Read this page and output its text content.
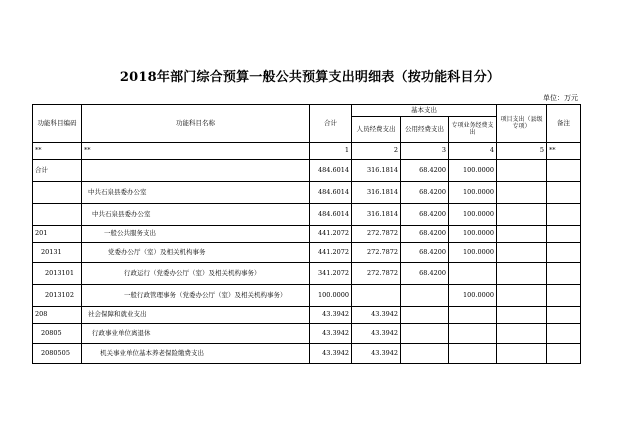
2018年部门综合预算一般公共预算支出明细表（按功能科目分）
单位：万元
功能科目编码	功能科目名称	合计	基本支出			项目支出（县级专项）	备注
			人员经费支出	公用经费支出	专项业务经费支出		
**	**	1	2	3	4	5	**
合计		484.6014	316.1814	68.4200	100.0000		
	中共石泉县委办公室	484.6014	316.1814	68.4200	100.0000		
	中共石泉县委办公室	484.6014	316.1814	68.4200	100.0000		
201	一般公共服务支出	441.2072	272.7872	68.4200	100.0000		
20131	党委办公厅（室）及相关机构事务	441.2072	272.7872	68.4200	100.0000		
2013101	行政运行（党委办公厅（室）及相关机构事务）	341.2072	272.7872	68.4200			
2013102	一般行政管理事务（党委办公厅（室）及相关机构事务）	100.0000			100.0000		
208	社会保障和就业支出	43.3942	43.3942				
20805	行政事业单位离退休	43.3942	43.3942				
2080505	机关事业单位基本养老保险缴费支出	43.3942	43.3942				
